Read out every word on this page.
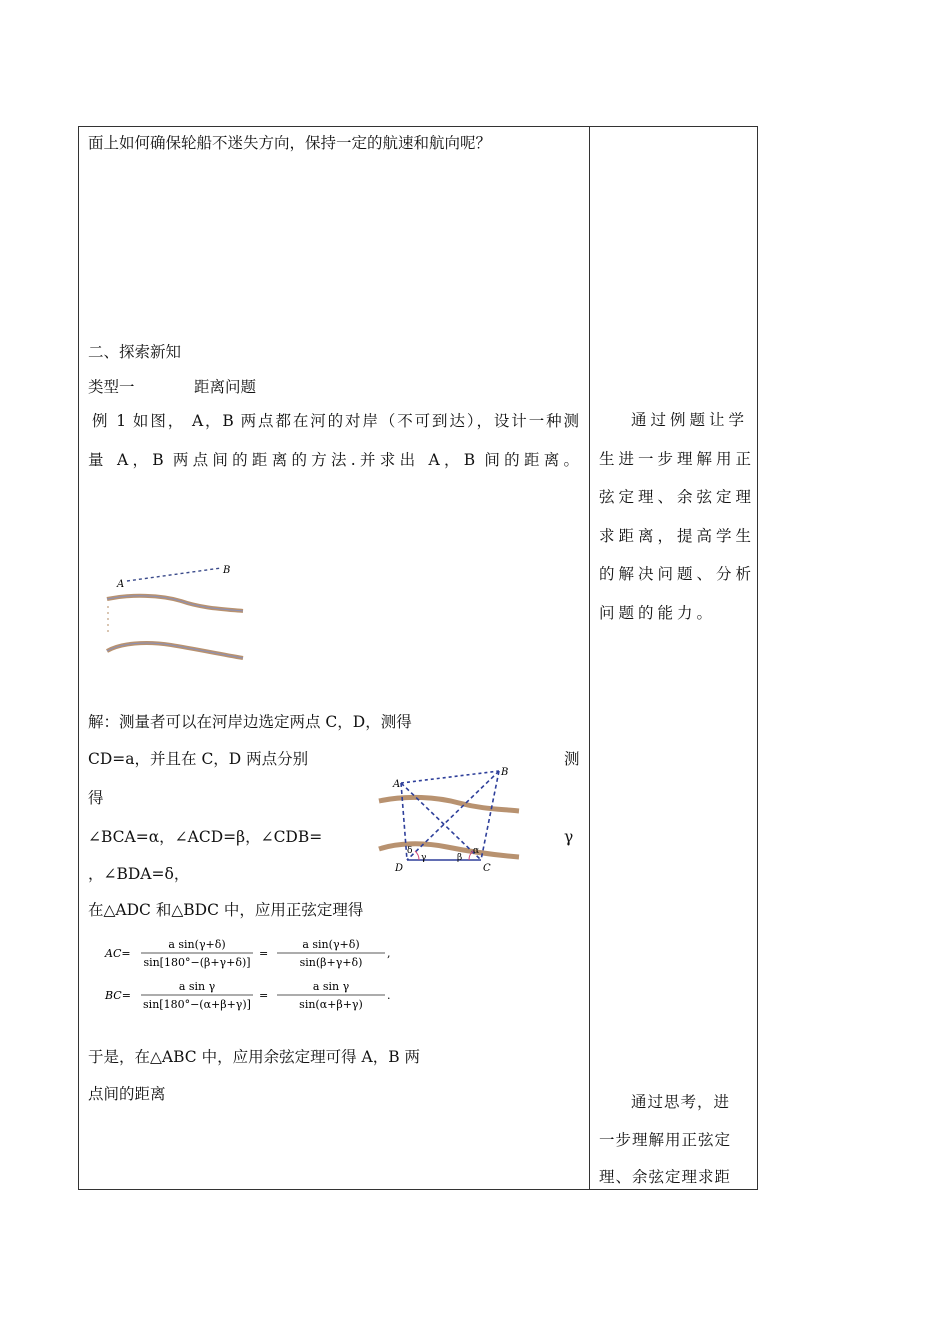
面上如何确保轮船不迷失方向，保持一定的航速和航向呢？
二、探索新知
类型一	距离问题
例 1 如图， A，B 两点都在河的对岸（不可到达），设计一种测
量 A，B 两点间的距离的方法.并求出 A，B 间的距离。
A
B
解：测量者可以在河岸边选定两点 C，D，测得
CD=a，并且在 C，D 两点分别	测
得
∠BCA=α，∠ACD=β，∠CDB=	γ
，∠BDA=δ，
在△ADC 和△BDC 中，应用正弦定理得
A
B
C
D
α
β
γ
δ
AC=
a sin(γ+δ)
sin[180°−(β+γ+δ)]
=
a sin(γ+δ)
sin(β+γ+δ)
,
BC=
a sin γ
sin[180°−(α+β+γ)]
=
a sin γ
sin(α+β+γ)
.
于是，在△ABC 中，应用余弦定理可得 A，B 两
点间的距离
通过例题让学
生进一步理解用正
弦定理、余弦定理
求距离，提高学生
的解决问题、分析
问题的能力。
通过思考，进
一步理解用正弦定
理、余弦定理求距
